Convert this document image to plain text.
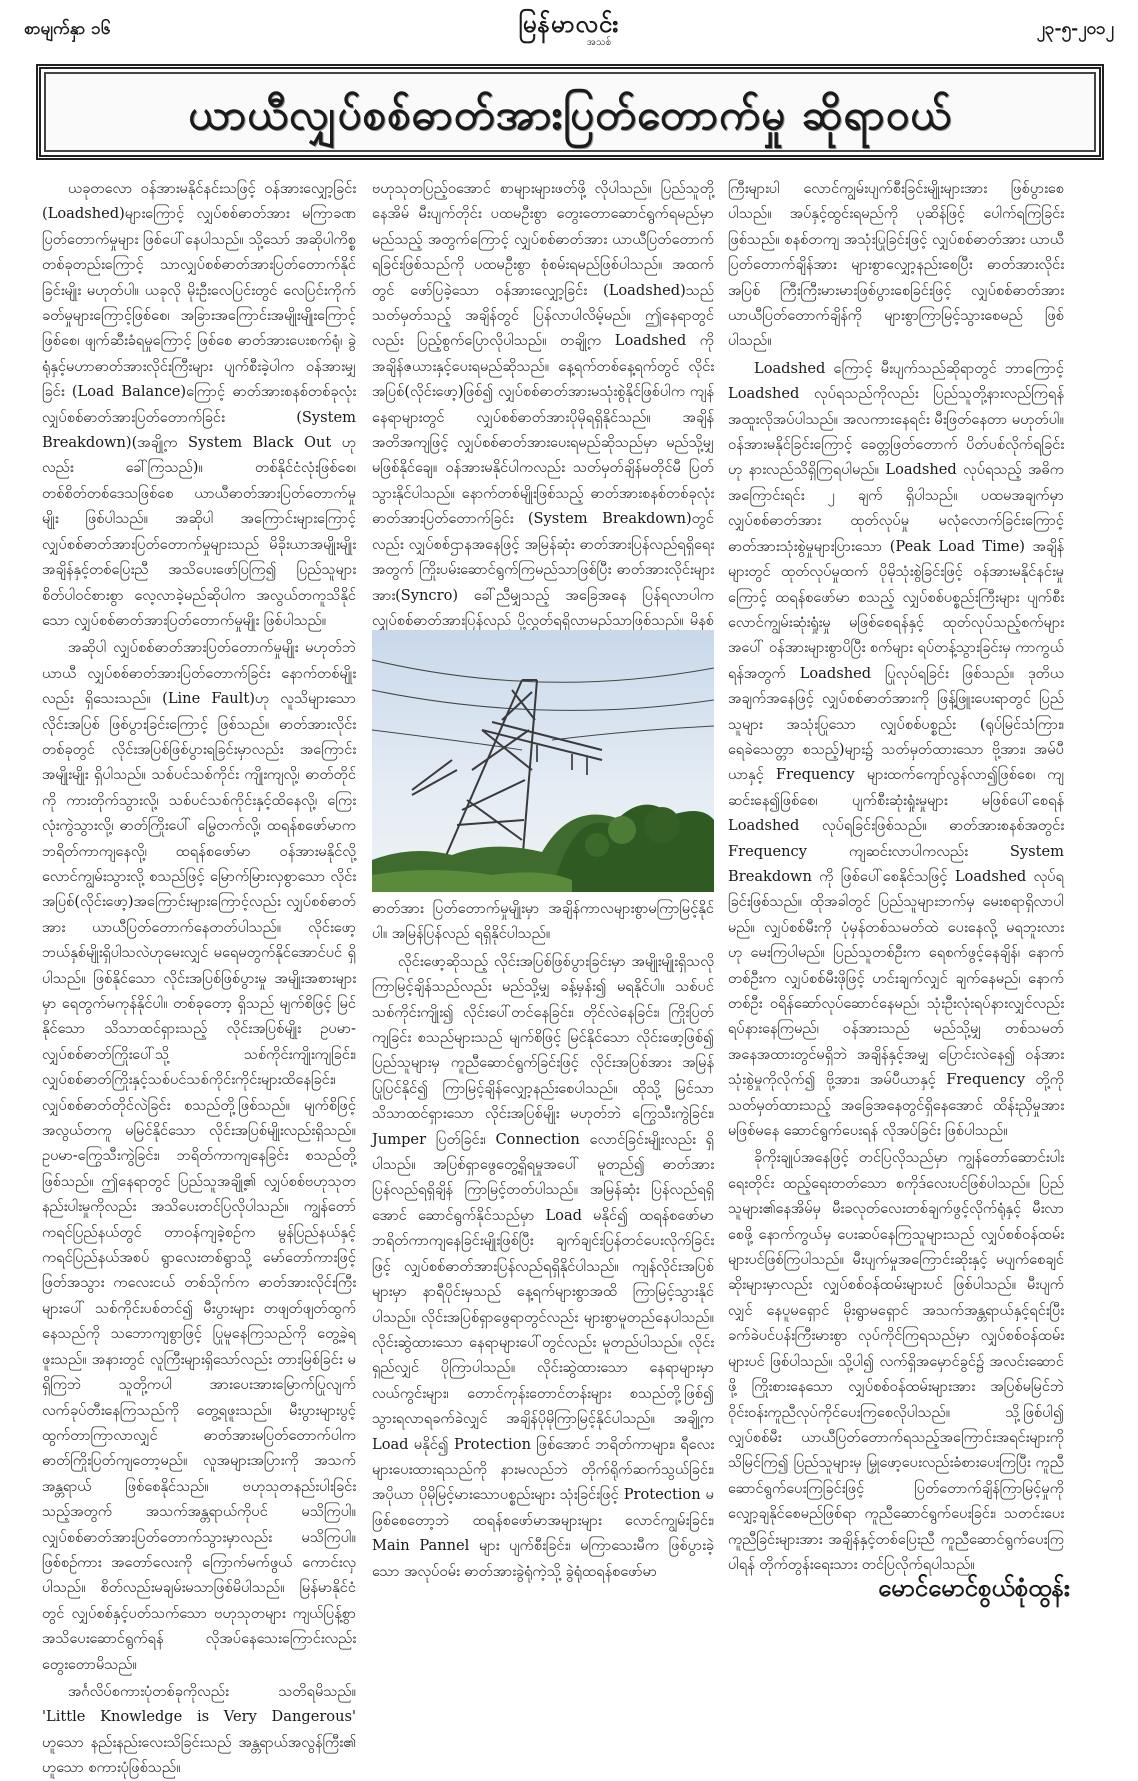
စာမျက်နှာ ၁၆	မြန်မာလင်း
အသစ်
၂၃-၅-၂၀၁၂
ယာယီလျှပ်စစ်ဓာတ်အားပြတ်တောက်မှု ဆိုရာဝယ်

ယခုတလော ဝန်အားမနိုင်နင်းသဖြင့် ဝန်အားလျှော့ခြင်း (Loadshed)များကြောင့် လျှပ်စစ်ဓာတ်အား မကြာခဏပြတ်တောက်မှုများ ဖြစ်ပေါ်နေပါသည်။ သို့သော် အဆိုပါကိစ္စတစ်ခုတည်းကြောင့် သာလျှပ်စစ်ဓာတ်အားပြတ်တောက်နိုင်ခြင်းမျိုး မဟုတ်ပါ။ ယခုလို မိုးဦးလေပြင်းတွင် လေပြင်းကိုက်ခတ်မှုများကြောင့်ဖြစ်စေ၊ အခြားအကြောင်းအမျိုးမျိုးကြောင့် ဖြစ်စေ၊ ဖျက်ဆီးခံရမှုကြောင့် ဖြစ်စေ ဓာတ်အားပေးစက်ရုံ၊ ခွဲရုံနှင့်မဟာဓာတ်အားလိုင်းကြီးများ ပျက်စီးခဲ့ပါက ဝန်အားမျှခြင်း (Load Balance)ကြောင့် ဓာတ်အားစနစ်တစ်ခုလုံး လျှပ်စစ်ဓာတ်အားပြတ်တောက်ခြင်း (System Breakdown)(အချို့က System Black Out ဟုလည်း ခေါ်ကြသည်)။ တစ်နိုင်ငံလုံးဖြစ်စေ၊ တစ်စိတ်တစ်ဒေသဖြစ်စေ ယာယီဓာတ်အားပြတ်တောက်မှုမျိုး ဖြစ်ပါသည်။ အဆိုပါ အကြောင်းများကြောင့် လျှပ်စစ်ဓာတ်အားပြတ်တောက်မှုများသည် မိခိုးယာအမျိုးမျိုး အချိန်နှင့်တစ်ပြေးညီ အသိပေးဖော်ပြကြ၍ ပြည်သူများ စိတ်ပါဝင်စားစွာ လေ့လာခဲ့မည်ဆိုပါက အလွယ်တကူသိနိုင်သော လျှပ်စစ်ဓာတ်အားပြတ်တောက်မှုမျိုး ဖြစ်ပါသည်။

အဆိုပါ လျှပ်စစ်ဓာတ်အားပြတ်တောက်မှုမျိုး မဟုတ်ဘဲ ယာယီ လျှပ်စစ်ဓာတ်အားပြတ်တောက်ခြင်း နောက်တစ်မျိုးလည်း ရှိသေးသည်။ (Line Fault)ဟု လူသိများသော လိုင်းအပြစ် ဖြစ်ပွားခြင်းကြောင့် ဖြစ်သည်။ ဓာတ်အားလိုင်းတစ်ခုတွင် လိုင်းအပြစ်ဖြစ်ပွားရခြင်းမှာလည်း အကြောင်းအမျိုးမျိုး ရှိပါသည်။ သစ်ပင်သစ်ကိုင်း ကျိုးကျလို့၊ ဓာတ်တိုင်ကို ကားတိုက်သွားလို့၊ သစ်ပင်သစ်ကိုင်းနှင့်ထိနေလို့၊ ကြေးလုံးကွဲသွားလို့၊ ဓာတ်ကြိုးပေါ် မြွေတက်လို့၊ ထရန်စဖော်မာက ဘရိတ်ကာကျနေလို့၊ ထရန်စဖော်မာ ဝန်အားမနိုင်လို့ လောင်ကျွမ်းသွားလို့ စသည်ဖြင့် မြောက်မြားလှစွာသော လိုင်းအပြစ်(လိုင်းဖော့)အကြောင်းများကြောင့်လည်း လျှပ်စစ်ဓာတ်အား ယာယီပြတ်တောက်နေတတ်ပါသည်။ လိုင်းဖော့ ဘယ်နှစ်မျိုးရှိပါသလဲဟုမေးလျှင် မရေမတွက်နိုင်အောင်ပင် ရှိပါသည်။ ဖြစ်နိုင်သော လိုင်းအပြစ်ဖြစ်ပွားမှု အမျိုးအစားများမှာ ရေတွက်မကုန်နိုင်ပါ။ တစ်ခုတော့ ရှိသည် မျက်စိဖြင့် မြင်နိုင်သော သိသာထင်ရှားသည့် လိုင်းအပြစ်မျိုး ဥပမာ-လျှပ်စစ်ဓာတ်ကြိုးပေါ်သို့ သစ်ကိုင်းကျိုးကျခြင်း၊ လျှပ်စစ်ဓာတ်ကြိုးနှင့်သစ်ပင်သစ်ကိုင်းကိုင်းများထိနေခြင်း၊ လျှပ်စစ်ဓာတ်တိုင်လဲခြင်း စသည်တို့ဖြစ်သည်။ မျက်စိဖြင့် အလွယ်တကူ မမြင်နိုင်သော လိုင်းအပြစ်မျိုးလည်းရှိသည်။ ဥပမာ-ကြွေသီးကွဲခြင်း၊ ဘရိတ်ကာကျနေခြင်း စသည်တို့ဖြစ်သည်။ ဤနေရာတွင် ပြည်သူအချို့၏ လျှပ်စစ်ဗဟုသုတနည်းပါးမှုကိုလည်း အသိပေးတင်ပြလိုပါသည်။ ကျွန်တော် ကရင်ပြည်နယ်တွင် တာဝန်ကျခဲ့စဉ်က မွန်ပြည်နယ်နှင့်ကရင်ပြည်နယ်အစပ် ရွာလေးတစ်ရွာသို့ မော်တော်ကားဖြင့် ဖြတ်အသွား ကလေးငယ် တစ်သိုက်က ဓာတ်အားလိုင်းကြီးများပေါ် သစ်ကိုင်းပစ်တင်၍ မီးပွားများ တဖျတ်ဖျတ်ထွက်နေသည်ကို သဘောကျစွာဖြင့် ပြုမူနေကြသည်ကို တွေ့ခဲ့ရဖူးသည်။ အနားတွင် လူကြီးများရှိသော်လည်း တားမြစ်ခြင်း မရှိကြဘဲ သူတို့ကပါ အားပေးအားမြောက်ပြုလျက် လက်ခုပ်တီးနေကြသည်ကို တွေ့ရဖူးသည်။ မီးပွားများပွင့်ထွက်တာကြာလာလျှင် ဓာတ်အားမပြတ်တောက်ပါက ဓာတ်ကြိုးပြတ်ကျတော့မည်။ လူအများအပြားကို အသက်အန္တရာယ် ဖြစ်စေနိုင်သည်။ ဗဟုသုတနည်းပါးခြင်းသည့်အတွက် အသက်အန္တရာယ်ကိုပင် မသိကြပါ။ လျှပ်စစ်ဓာတ်အားပြတ်တောက်သွားမှာလည်း မသိကြပါ။ ဖြစ်စဉ်ကား အတော်လေးကို ကြောက်မက်ဖွယ် ကောင်းလှပါသည်။ စိတ်လည်းမချမ်းမသာဖြစ်မိပါသည်။ မြန်မာနိုင်ငံတွင် လျှပ်စစ်နှင့်ပတ်သက်သော ဗဟုသုတများ ကျယ်ပြန့်စွာ အသိပေးဆောင်ရွက်ရန် လိုအပ်နေသေးကြောင်းလည်း တွေးတောမိသည်။

အင်္ဂလိပ်စကားပုံတစ်ခုကိုလည်း သတိရမိသည်။ 'Little Knowledge is Very Dangerous' ဟူသော နည်းနည်းလေးသိခြင်းသည် အန္တရာယ်အလွန်ကြီး၏ ဟူသော စကားပုံဖြစ်သည်။

ဗဟုသုတပြည့်ဝအောင် စာများများဖတ်ဖို့ လိုပါသည်။ ပြည်သူတို့နေအိမ် မီးပျက်တိုင်း ပထမဦးစွာ တွေးတောဆောင်ရွက်ရမည်မှာ မည်သည့် အတွက်ကြောင့် လျှပ်စစ်ဓာတ်အား ယာယီပြတ်တောက်ရခြင်းဖြစ်သည်ကို ပထမဦးစွာ စုံစမ်းရမည်ဖြစ်ပါသည်။ အထက်တွင် ဖော်ပြခဲ့သော ဝန်အားလျှော့ခြင်း (Loadshed)သည် သတ်မှတ်သည့် အချိန်တွင် ပြန်လာပါလိမ့်မည်။ ဤနေရာတွင်လည်း ပြည့်စွက်ပြောလိုပါသည်။ တချို့က Loadshed ကို အချိန်ဇယားနှင့်ပေးရမည်ဆိုသည်။ နေ့ရက်တစ်နေ့ရက်တွင် လိုင်းအပြစ်(လိုင်းဖော့)ဖြစ်၍ လျှပ်စစ်ဓာတ်အားမသုံးစွဲနိုင်ဖြစ်ပါက ကျန်နေရာများတွင် လျှပ်စစ်ဓာတ်အားပိုမိုရရှိနိုင်သည်။ အချိန်အတိအကျဖြင့် လျှပ်စစ်ဓာတ်အားပေးရမည်ဆိုသည်မှာ မည်သို့မျှမဖြစ်နိုင်ချေ။ ဝန်အားမနိုင်ပါကလည်း သတ်မှတ်ချိန်မတိုင်မီ ပြတ်သွားနိုင်ပါသည်။ နောက်တစ်မျိုးဖြစ်သည့် ဓာတ်အားစနစ်တစ်ခုလုံး ဓာတ်အားပြတ်တောက်ခြင်း (System Breakdown)တွင်လည်း လျှပ်စစ်ဌာနအနေဖြင့် အမြန်ဆုံး ဓာတ်အားပြန်လည်ရရှိရေးအတွက် ကြိုးပမ်းဆောင်ရွက်ကြမည်သာဖြစ်ပြီး ဓာတ်အားလိုင်းများအား(Syncro) ခေါ်ညီမျှသည့် အခြေအနေ ပြန်ရလာပါက လျှပ်စစ်ဓာတ်အားပြန်လည် ပို့လွှတ်ရရှိလာမည်သာဖြစ်သည်။ မိနစ်

ဓာတ်အား ပြတ်တောက်မှုမျိုးမှာ အချိန်ကာလများစွာမကြာမြင့်နိုင်ပါ။ အမြန်ပြန်လည် ရရှိနိုင်ပါသည်။

လိုင်းဖော့ဆိုသည့် လိုင်းအပြစ်ဖြစ်ပွားခြင်းမှာ အမျိုးမျိုးရှိသလို ကြာမြင့်ချိန်သည်လည်း မည်သို့မျှ ခန့်မှန်း၍ မရနိုင်ပါ။ သစ်ပင်သစ်ကိုင်းကျိုး၍ လိုင်းပေါ်တင်နေခြင်း၊ တိုင်လဲနေခြင်း၊ ကြိုးပြတ်ကျခြင်း စသည်များသည် မျက်စိဖြင့် မြင်နိုင်သော လိုင်းဖော့ဖြစ်၍ ပြည်သူများမှ ကူညီဆောင်ရွက်ခြင်းဖြင့် လိုင်းအပြစ်အား အမြန်ပြုပြင်နိုင်၍ ကြာမြင့်ချိန်လျှော့နည်းစေပါသည်။ ထိုသို့ မြင်သာသိသာထင်ရှားသော လိုင်းအပြစ်မျိုး မဟုတ်ဘဲ ကြွေသီးကွဲခြင်း၊ Jumper ပြတ်ခြင်း၊ Connection လောင်ခြင်းမျိုးလည်း ရှိပါသည်။ အပြစ်ရှာဖွေတွေ့ရှိရမှုအပေါ် မူတည်၍ ဓာတ်အားပြန်လည်ရရှိချိန် ကြာမြင့်တတ်ပါသည်။ အမြန်ဆုံး ပြန်လည်ရရှိအောင် ဆောင်ရွက်နိုင်သည်မှာ Load မနိုင်၍ ထရန်စဖော်မာ ဘရိတ်ကာကျနေခြင်းမျိုးဖြစ်ပြီး ချက်ချင်းပြန်တင်ပေးလိုက်ခြင်းဖြင့် လျှပ်စစ်ဓာတ်အားပြန်လည်ရရှိနိုင်ပါသည်။ ကျန်လိုင်းအပြစ်များမှာ နာရီပိုင်းမှသည် နေ့ရက်များစွာအထိ ကြာမြင့်သွားနိုင်ပါသည်။ လိုင်းအပြစ်ရှာဖွေရာတွင်လည်း များစွာမူတည်နေပါသည်။ လိုင်းဆွဲထားသော နေရာများပေါ်တွင်လည်း မူတည်ပါသည်။ လိုင်းရှည်လျှင် ပိုကြာပါသည်။ လိုင်းဆွဲထားသော နေရာများမှာ လယ်ကွင်းများ၊ တောင်ကုန်းတောင်တန်းများ စသည်တို့ဖြစ်၍ သွားရလာရခက်ခဲလျှင် အချိန်ပိုမိုကြာမြင့်နိုင်ပါသည်။ အချို့က Load မနိုင်၍ Protection ဖြစ်အောင် ဘရိတ်ကာများ၊ ရီလေးများပေးထားရသည်ကို နားမလည်ဘဲ တိုက်ရိုက်ဆက်သွယ်ခြင်း၊ အပိုယာ ပိုမိုမြင့်မားသောပစ္စည်းများ သုံးခြင်းဖြင့် Protection မဖြစ်စေတော့ဘဲ ထရန်စဖော်မာအများများ လောင်ကျွမ်းခြင်း၊ Main Pannel များ ပျက်စီးခြင်း၊ မကြာသေးမီက ဖြစ်ပွားခဲ့သော အလုပ်ဝမ်း ဓာတ်အားခွဲရုံကဲ့သို့ ခွဲရုံထရန်စဖော်မာ

ကြီးများပါ လောင်ကျွမ်းပျက်စီးခြင်းမျိုးများအား ဖြစ်ပွားစေပါသည်။ အပ်နှင့်ထွင်းရမည်ကို ပုဆိန်ဖြင့် ပေါက်ရကြခြင်းဖြစ်သည်။ စနစ်တကျ အသုံးပြုခြင်းဖြင့် လျှပ်စစ်ဓာတ်အား ယာယီပြတ်တောက်ချိန်အား များစွာလျှော့နည်းစေပြီး ဓာတ်အားလိုင်းအပြစ် ကြီးကြီးမားမားဖြစ်ပွားစေခြင်းဖြင့် လျှပ်စစ်ဓာတ်အား ယာယီပြတ်တောက်ချိန်ကို များစွာကြာမြင့်သွားစေမည် ဖြစ်ပါသည်။

Loadshed ကြောင့် မီးပျက်သည်ဆိုရာတွင် ဘာကြောင့် Loadshed လုပ်ရသည်ကိုလည်း ပြည်သူတို့နားလည်ကြရန် အထူးလိုအပ်ပါသည်။ အလကားနေရင်း မီးဖြတ်နေတာ မဟုတ်ပါ။ ဝန်အားမနိုင်ခြင်းကြောင့် ခေတ္တဖြတ်တောက် ပိတ်ပစ်လိုက်ရခြင်းဟု နားလည်သိရှိကြရပါမည်။ Loadshed လုပ်ရသည့် အဓိကအကြောင်းရင်း ၂ ချက် ရှိပါသည်။ ပထမအချက်မှာ လျှပ်စစ်ဓာတ်အား ထုတ်လုပ်မှု မလုံလောက်ခြင်းကြောင့် ဓာတ်အားသုံးစွဲမှုများပြားသော (Peak Load Time) အချိန်များတွင် ထုတ်လုပ်မှုထက် ပိုမိုသုံးစွဲခြင်းဖြင့် ဝန်အားမနိုင်နင်းမှုကြောင့် ထရန်စဖော်မာ စသည့် လျှပ်စစ်ပစ္စည်းကြီးများ ပျက်စီးလောင်ကျွမ်းဆုံးရှုံးမှု မဖြစ်စေရန်နှင့် ထုတ်လုပ်သည့်စက်များအပေါ် ဝန်အားများစွာပိပြီး စက်များ ရပ်တန့်သွားခြင်းမှ ကာကွယ်ရန်အတွက် Loadshed ပြုလုပ်ရခြင်း ဖြစ်သည်။ ဒုတိယအချက်အနေဖြင့် လျှပ်စစ်ဓာတ်အားကို ဖြန့်ဖြူးပေးရာတွင် ပြည်သူများ အသုံးပြုသော လျှပ်စစ်ပစ္စည်း (ရုပ်မြင်သံကြား၊ ရေခဲသေတ္တာ စသည့်)များ၌ သတ်မှတ်ထားသော ဗို့အား၊ အမ်ပီယာနှင့် Frequency များထက်ကျော်လွန်လာ၍ဖြစ်စေ၊ ကျဆင်းနေ၍ဖြစ်စေ၊ ပျက်စီးဆုံးရှုံးမှုများ မဖြစ်ပေါ်စေရန် Loadshed လုပ်ရခြင်းဖြစ်သည်။ ဓာတ်အားစနစ်အတွင်း Frequency ကျဆင်းလာပါကလည်း System Breakdown ကို ဖြစ်ပေါ်စေနိုင်သဖြင့် Loadshed လုပ်ရခြင်းဖြစ်သည်။ ထိုအခါတွင် ပြည်သူများဘက်မှ မေးစရာရှိလာပါမည်။ လျှပ်စစ်မီးကို ပုံမှန်တစ်သမတ်ထဲ ပေးနေလို့ မရဘူးလား ဟု မေးကြပါမည်။ ပြည်သူတစ်ဦးက ရေစက်ဖွင့်နေချိန်၊ နောက်တစ်ဦးက လျှပ်စစ်မီးဖိုဖြင့် ဟင်းချက်လျှင် ချက်နေမည်၊ နောက်တစ်ဦး ဝရိန်ဆော်လုပ်ဆောင်နေမည်၊ သုံးဦးလုံးရပ်နားလျှင်လည်း ရပ်နားနေကြမည်၊ ဝန်အားသည် မည်သို့မျှ တစ်သမတ်အနေအထားတွင်မရှိဘဲ အချိန်နှင့်အမျှ ပြောင်းလဲနေ၍ ဝန်အားသုံးစွဲမှုကိုလိုက်၍ ဗို့အား၊ အမ်ပီယာနှင့် Frequency တို့ကို သတ်မှတ်ထားသည့် အခြေအနေတွင်ရှိနေအောင် ထိန်းညှိမှုအား မဖြစ်မနေ ဆောင်ရွက်ပေးရန် လိုအပ်ခြင်း ဖြစ်ပါသည်။

ခိုကိုးချုပ်အနေဖြင့် တင်ပြလိုသည်မှာ ကျွန်တော်ဆောင်းပါးရေးတိုင်း ထည့်ရေးတတ်သော စကိုဒ်လေးပင်ဖြစ်ပါသည်။ ပြည်သူများ၏နေအိမ်မှ မီးခလုတ်လေးတစ်ချက်ဖွင့်လိုက်ရုံနှင့် မီးလာစေဖို့ နောက်ကွယ်မှ ပေးဆပ်နေကြသူများသည် လျှပ်စစ်ဝန်ထမ်းများပင်ဖြစ်ကြပါသည်။ မီးပျက်မှုအကြောင်းဆိုးနှင့် မပျက်စေချင်ဆိုးများမှာလည်း လျှပ်စစ်ဝန်ထမ်းများပင် ဖြစ်ပါသည်။ မီးပျက်လျှင် နေပူမရှောင် မိုးရွာမရှောင် အသက်အန္တရာယ်နှင့်ရင်းပြီး ခက်ခဲပင်ပန်းကြီးမားစွာ လုပ်ကိုင်ကြရသည်မှာ လျှပ်စစ်ဝန်ထမ်းများပင် ဖြစ်ပါသည်။ သို့ပါ၍ လက်ရှိအမှောင်ခွင်၌ အလင်းဆောင်ဖို့ ကြိုးစားနေသော လျှပ်စစ်ဝန်ထမ်းများအား အပြစ်မမြင်ဘဲ ဝိုင်းဝန်းကူညီလုပ်ကိုင်ပေးကြစေလိုပါသည်။ သို့ဖြစ်ပါ၍ လျှပ်စစ်မီး ယာယီပြတ်တောက်ရသည့်အကြောင်းအရင်းများကို သိမြင်ကြ၍ ပြည်သူများမှ မြှုဖော့ပေးလည်းခံစားပေးကြပြီး ကူညီဆောင်ရွက်ပေးကြခြင်းဖြင့် ပြတ်တောက်ချိန်ကြာမြင့်မှုကို လျှော့ချနိုင်စေမည်ဖြစ်ရာ ကူညီဆောင်ရွက်ပေးခြင်း၊ သတင်းပေးကူညီခြင်းများအား အချိန်နှင့်တစ်ပြေးညီ ကူညီဆောင်ရွက်ပေးကြပါရန် တိုက်တွန်းရေးသား တင်ပြလိုက်ရပါသည်။

မောင်မောင်စွယ်စုံထွန်း
